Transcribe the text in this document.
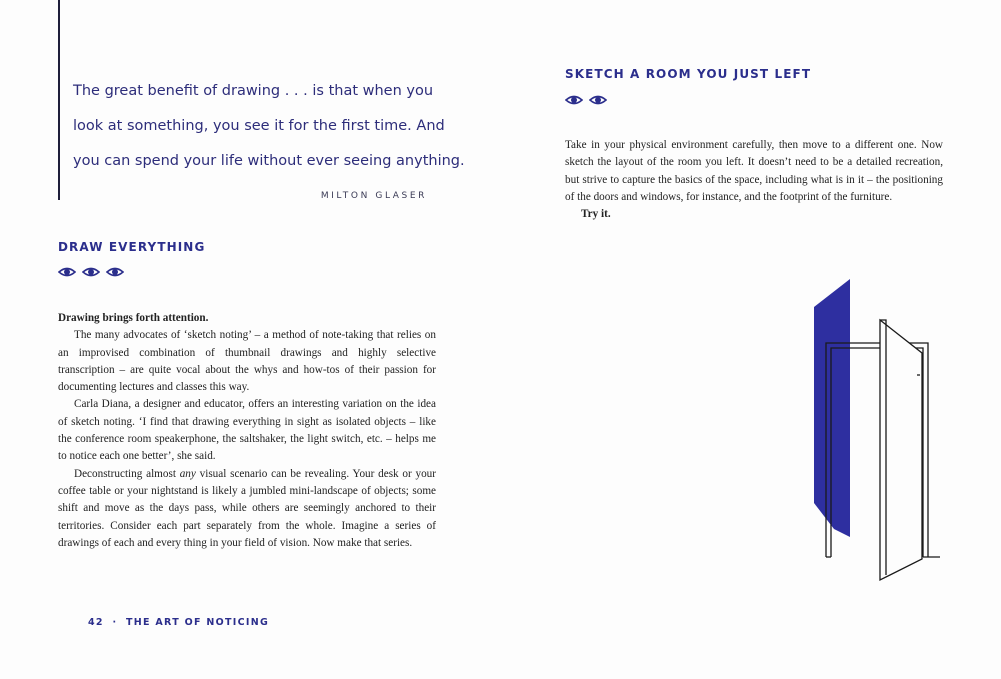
The great benefit of drawing . . . is that when you
look at something, you see it for the first time. And
you can spend your life without ever seeing anything.
MILTON GLASER
DRAW EVERYTHING

Drawing brings forth attention.

The many advocates of ‘sketch noting’ – a method of note-taking that relies on an improvised combination of thumbnail drawings and highly selective transcription – are quite vocal about the whys and how-tos of their passion for documenting lectures and classes this way.

Carla Diana, a designer and educator, offers an interesting variation on the idea of sketch noting. ‘I find that drawing everything in sight as isolated objects – like the conference room speakerphone, the saltshaker, the light switch, etc. – helps me to notice each one better’, she said.

Deconstructing almost any visual scenario can be revealing. Your desk or your coffee table or your nightstand is likely a jumbled mini-landscape of objects; some shift and move as the days pass, while others are seemingly anchored to their territories. Consider each part separately from the whole. Imagine a series of drawings of each and every thing in your field of vision. Now make that series.

42 · THE ART OF NOTICING
SKETCH A ROOM YOU JUST LEFT

Take in your physical environment carefully, then move to a different one. Now sketch the layout of the room you left. It doesn’t need to be a detailed recreation, but strive to capture the basics of the space, including what is in it – the positioning of the doors and windows, for instance, and the footprint of the furniture.

Try it.
